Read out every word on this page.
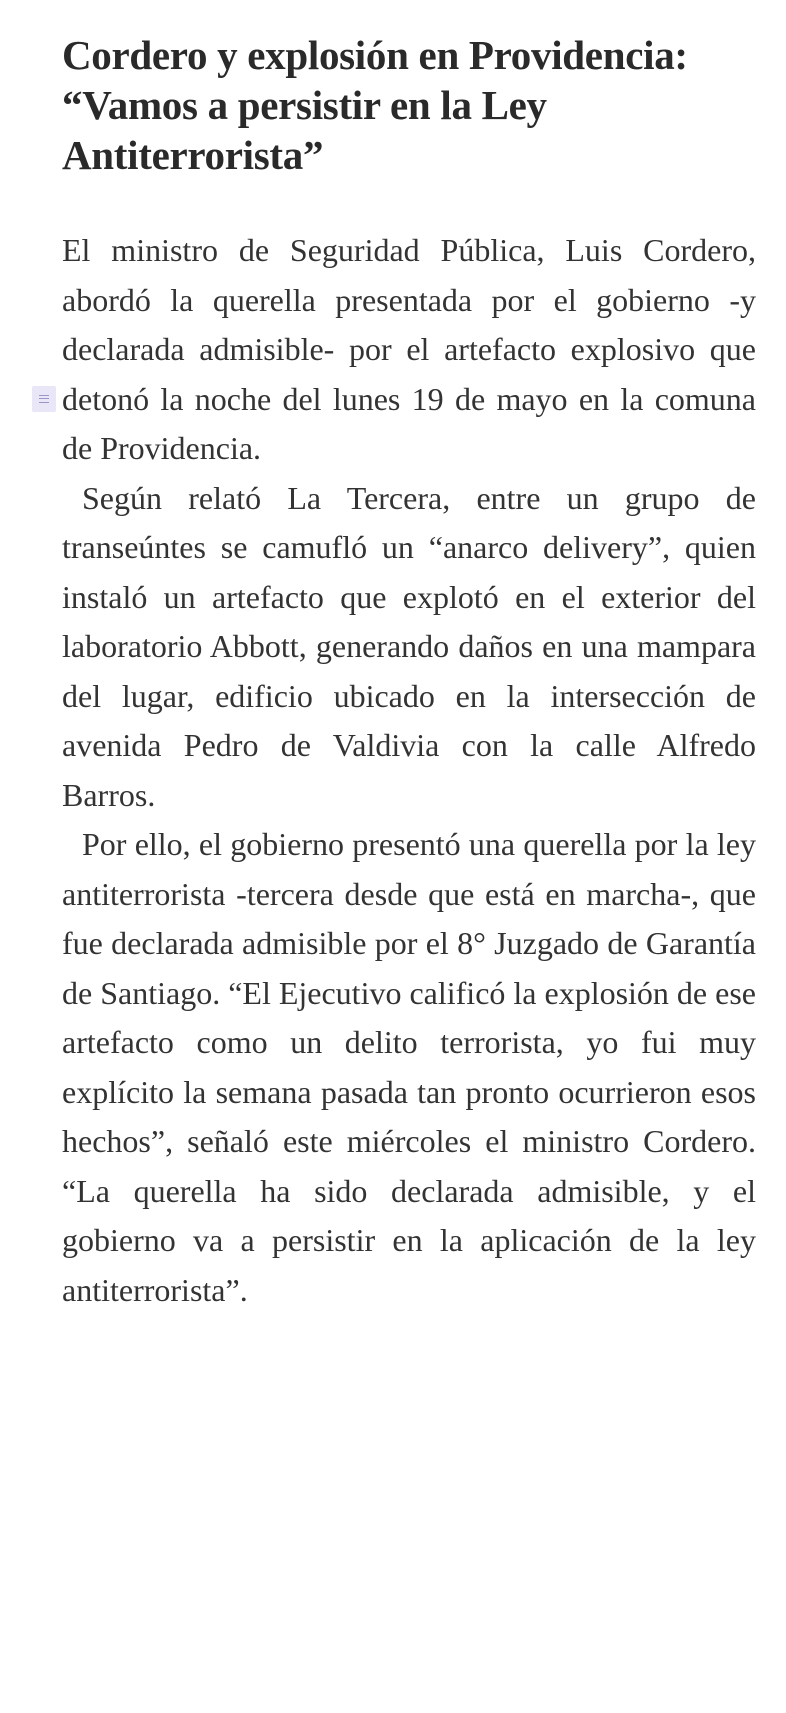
Cordero y explosión en Providencia: “Vamos a persistir en la Ley Antiterrorista”

El ministro de Seguridad Pública, Luis Cordero, abordó la querella presentada por el gobierno -y declarada admisible- por el artefacto explosivo que detonó la noche del lunes 19 de mayo en la comuna de Providencia.

Según relató La Tercera, entre un grupo de transeúntes se camufló un “anarco delivery”, quien instaló un artefacto que explotó en el exterior del laboratorio Abbott, generando daños en una mampara del lugar, edificio ubicado en la intersección de avenida Pedro de Valdivia con la calle Alfredo Barros.

Por ello, el gobierno presentó una querella por la ley antiterrorista -tercera desde que está en marcha-, que fue declarada admisible por el 8° Juzgado de Garantía de Santiago. “El Ejecutivo calificó la explosión de ese artefacto como un delito terrorista, yo fui muy explícito la semana pasada tan pronto ocurrieron esos hechos”, señaló este miércoles el ministro Cordero. “La querella ha sido declarada admisible, y el gobierno va a persistir en la aplicación de la ley antiterrorista”.
